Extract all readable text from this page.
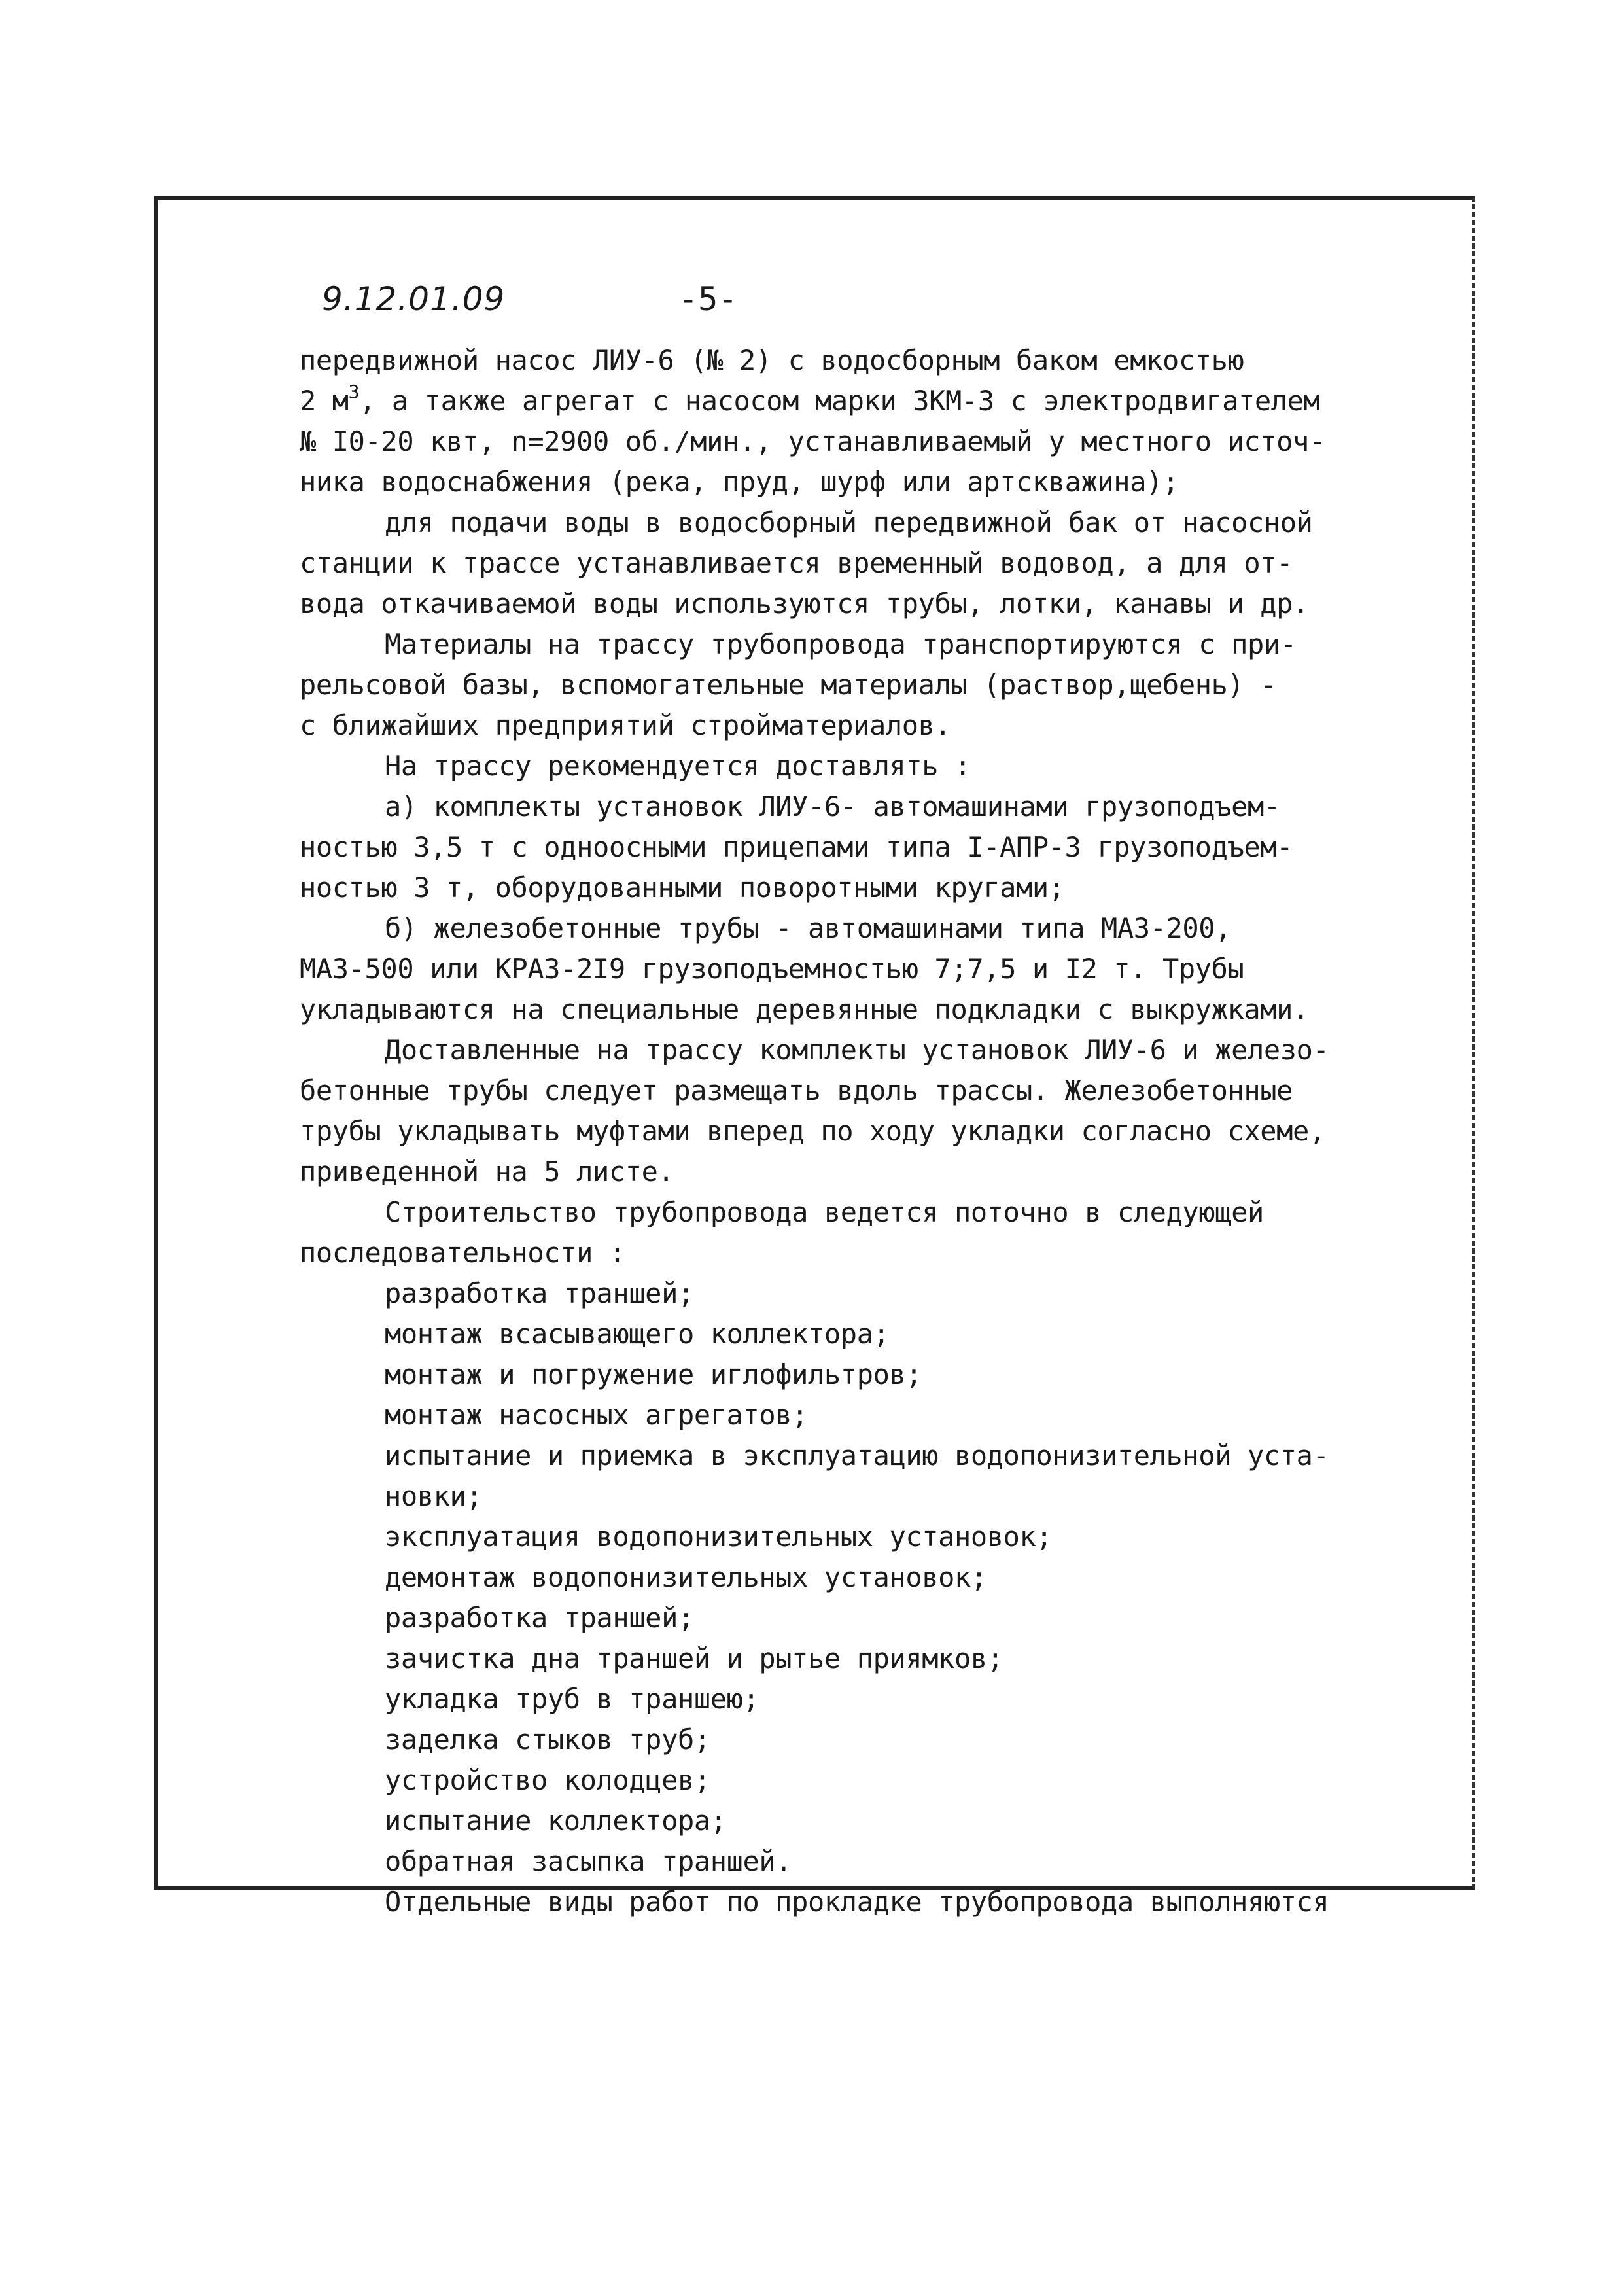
9.12.01.09	-5-
передвижной насос ЛИУ-6 (№ 2) с водосборным баком емкостью
2 $м^3$, а также агрегат с насосом марки ЗКМ-3 с электродвигателем
№ I0-20 квт, n=2900 об./мин., устанавливаемый у местного источ-
ника водоснабжения (река, пруд, шурф или артскважина);
для подачи воды в водосборный передвижной бак от насосной
станции к трассе устанавливается временный водовод, а для от-
вода откачиваемой воды используются трубы, лотки, канавы и др.
Материалы на трассу трубопровода транспортируются с при-
рельсовой базы, вспомогательные материалы (раствор,щебень) -
с ближайших предприятий стройматериалов.
На трассу рекомендуется доставлять :
а) комплекты установок ЛИУ-6- автомашинами грузоподъем-
ностью 3,5 т с одноосными прицепами типа I-АПР-3 грузоподъем-
ностью 3 т, оборудованными поворотными кругами;
б) железобетонные трубы - автомашинами типа МАЗ-200,
МАЗ-500 или КРАЗ-2I9 грузоподъемностью 7;7,5 и I2 т. Трубы
укладываются на специальные деревянные подкладки с выкружками.
Доставленные на трассу комплекты установок ЛИУ-6 и железо-
бетонные трубы следует размещать вдоль трассы. Железобетонные
трубы укладывать муфтами вперед по ходу укладки согласно схеме,
приведенной на 5 листе.
Строительство трубопровода ведется поточно в следующей
последовательности :
разработка траншей;
монтаж всасывающего коллектора;
монтаж и погружение иглофильтров;
монтаж насосных агрегатов;
испытание и приемка в эксплуатацию водопонизительной уста-
новки;
эксплуатация водопонизительных установок;
демонтаж водопонизительных установок;
разработка траншей;
зачистка дна траншей и рытье приямков;
укладка труб в траншею;
заделка стыков труб;
устройство колодцев;
испытание коллектора;
обратная засыпка траншей.
Отдельные виды работ по прокладке трубопровода выполняются
